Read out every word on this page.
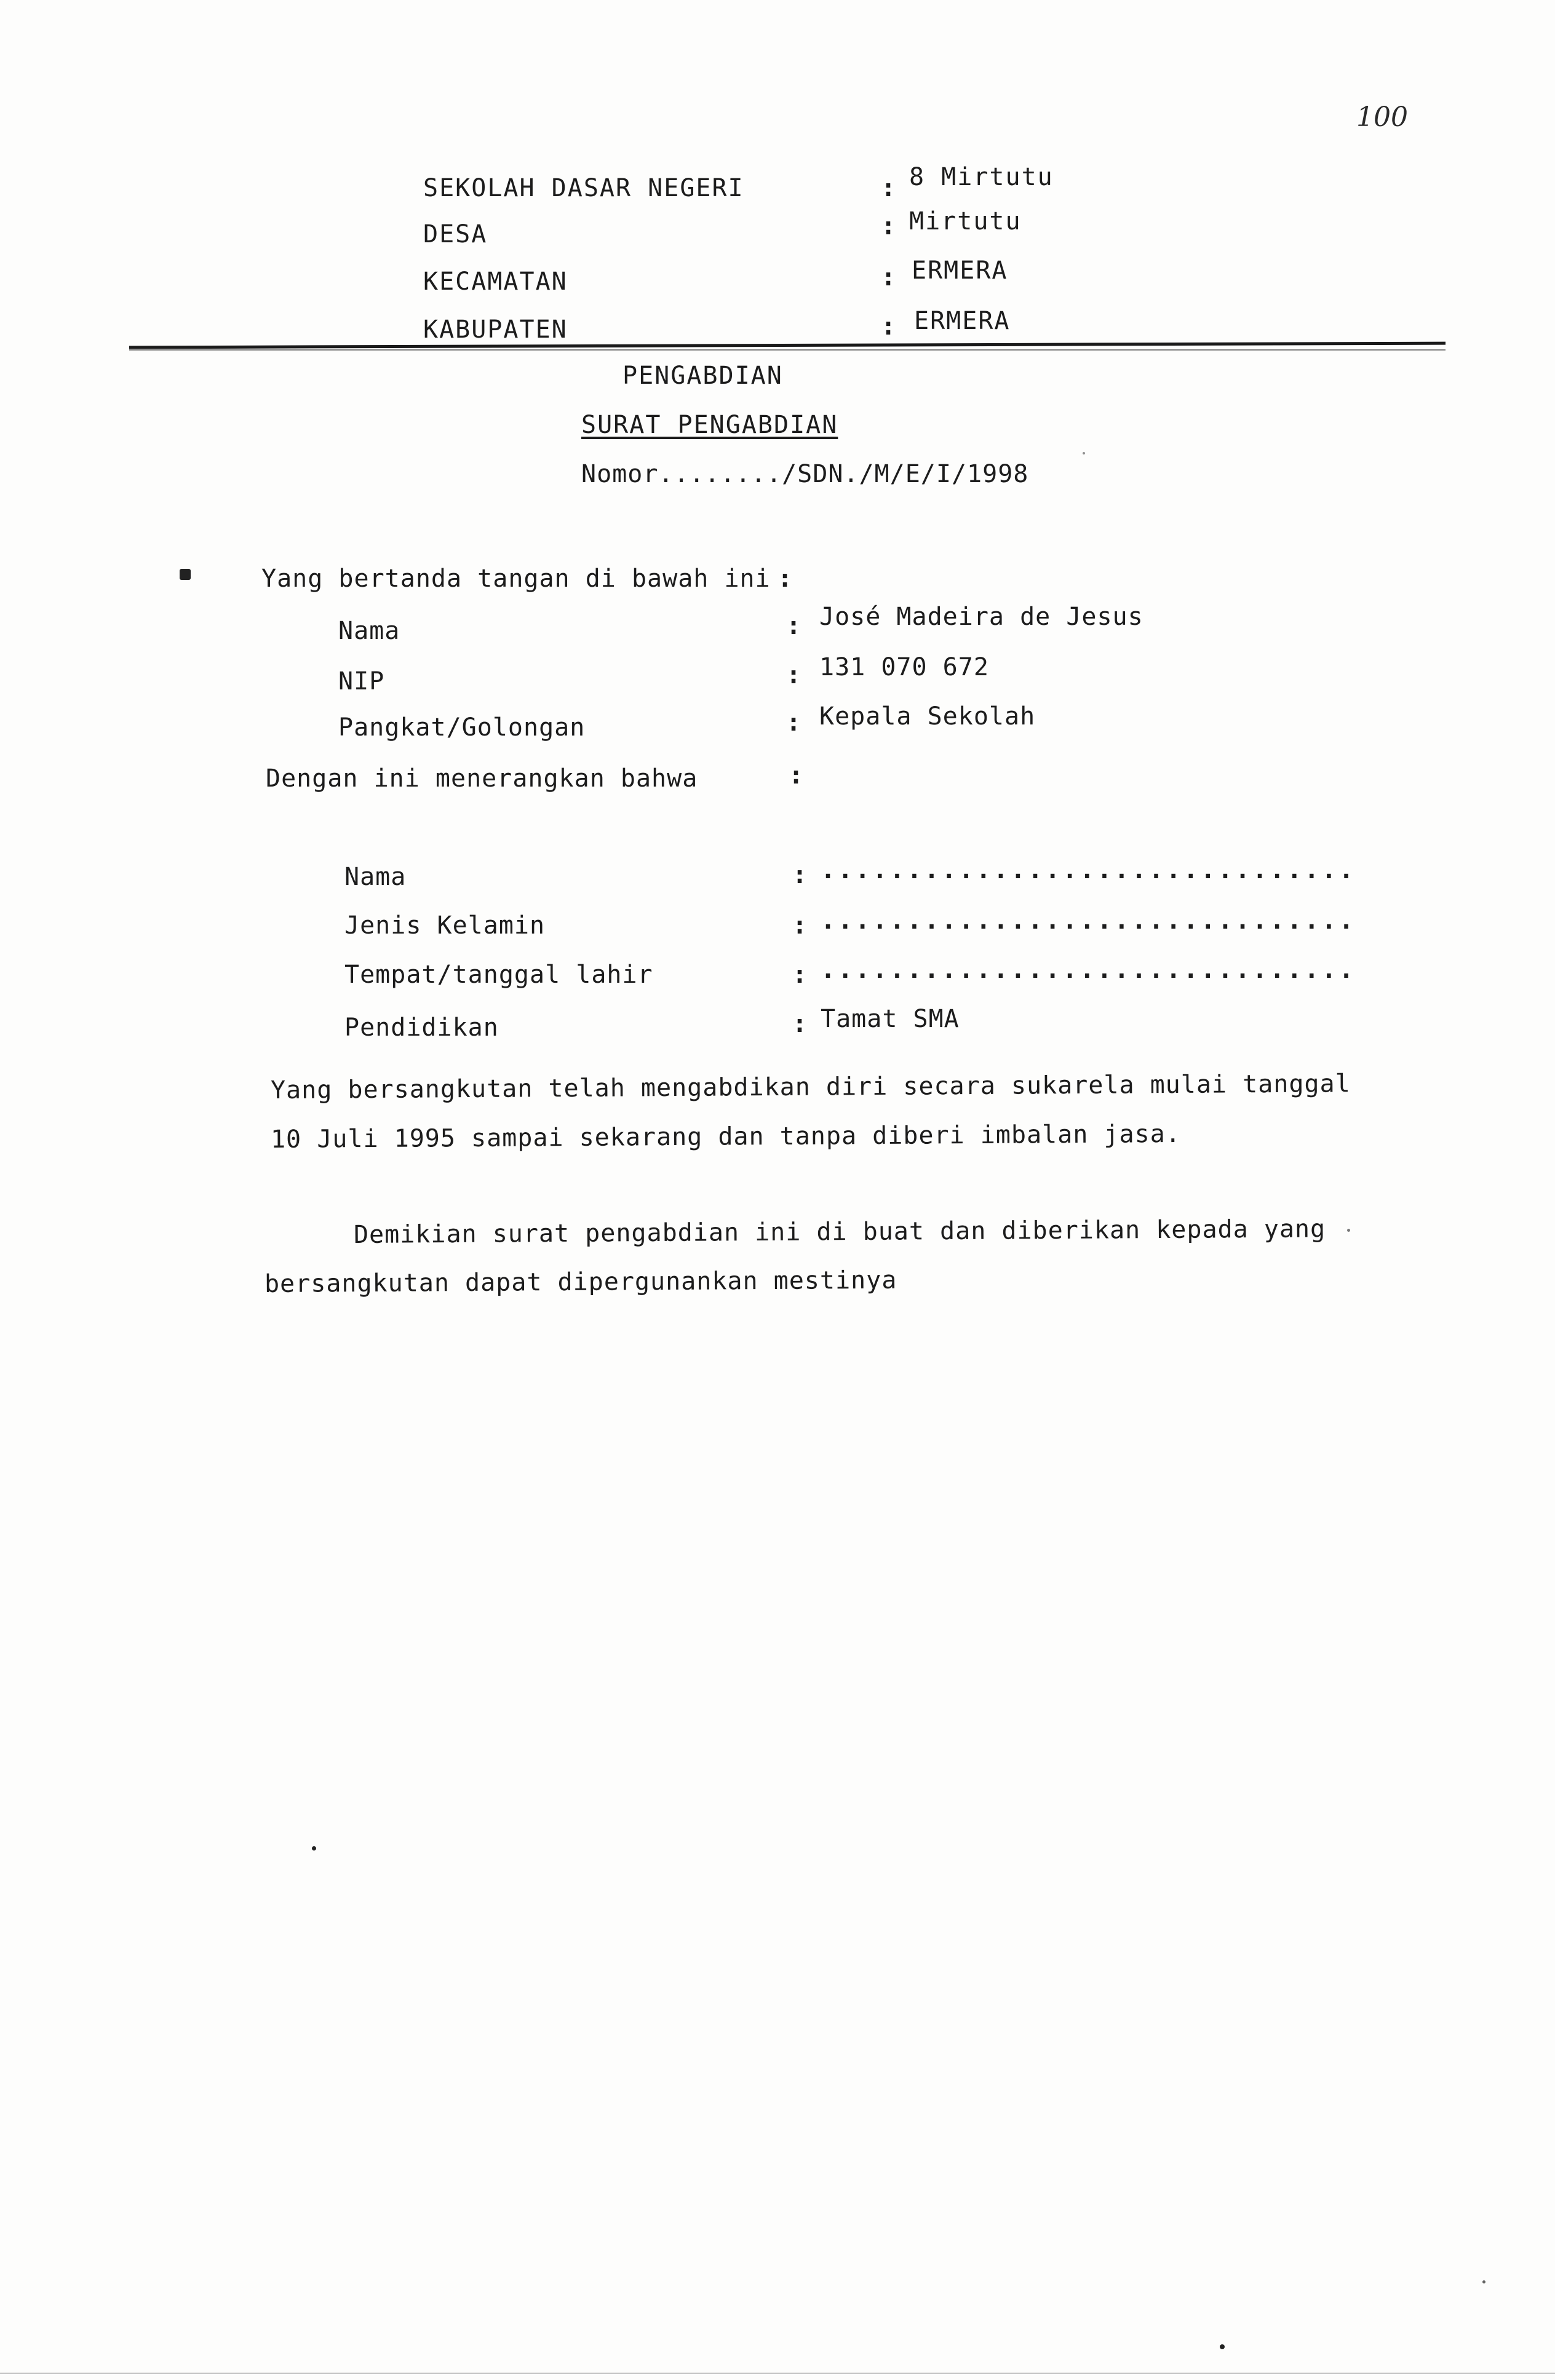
100
SEKOLAH DASAR NEGERI	: 8 Mirtutu
DESA	: Mirtutu
KECAMATAN	: ERMERA
KABUPATEN	: ERMERA
PENGABDIAN
SURAT PENGABDIAN
Nomor......../SDN./M/E/I/1998
Yang bertanda tangan di bawah ini :
Nama	: José Madeira de Jesus
NIP	: 131 070 672
Pangkat/Golongan	: Kepala Sekolah
Dengan ini menerangkan bahwa	:
Nama	: ...............................
Jenis Kelamin	: ...............................
Tempat/tanggal lahir	: ...............................
Pendidikan	: Tamat SMA
Yang bersangkutan telah mengabdikan diri secara sukarela mulai tanggal
10 Juli 1995 sampai sekarang dan tanpa diberi imbalan jasa.
Demikian surat pengabdian ini di buat dan diberikan kepada yang
bersangkutan dapat dipergunankan mestinya
